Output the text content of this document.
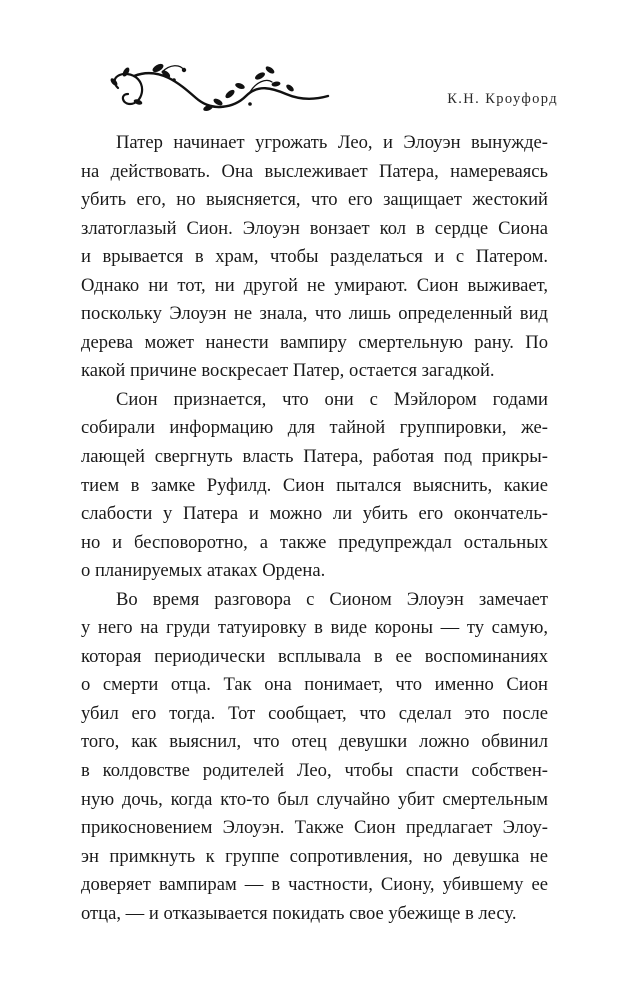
К.Н. Кроуфорд
Патер начинает угрожать Лео, и Элоуэн вынужде-
на действовать. Она выслеживает Патера, намереваясь
убить его, но выясняется, что его защищает жестокий
златоглазый Сион. Элоуэн вонзает кол в сердце Сиона
и врывается в храм, чтобы разделаться и с Патером.
Однако ни тот, ни другой не умирают. Сион выживает,
поскольку Элоуэн не знала, что лишь определенный вид
дерева может нанести вампиру смертельную рану. По
какой причине воскресает Патер, остается загадкой.
Сион признается, что они с Мэйлором годами
собирали информацию для тайной группировки, же-
лающей свергнуть власть Патера, работая под прикры-
тием в замке Руфилд. Сион пытался выяснить, какие
слабости у Патера и можно ли убить его окончатель-
но и бесповоротно, а также предупреждал остальных
о планируемых атаках Ордена.
Во время разговора с Сионом Элоуэн замечает
у него на груди татуировку в виде короны — ту самую,
которая периодически всплывала в ее воспоминаниях
о смерти отца. Так она понимает, что именно Сион
убил его тогда. Тот сообщает, что сделал это после
того, как выяснил, что отец девушки ложно обвинил
в колдовстве родителей Лео, чтобы спасти собствен-
ную дочь, когда кто-то был случайно убит смертельным
прикосновением Элоуэн. Также Сион предлагает Элоу-
эн примкнуть к группе сопротивления, но девушка не
доверяет вампирам — в частности, Сиону, убившему ее
отца, — и отказывается покидать свое убежище в лесу.
